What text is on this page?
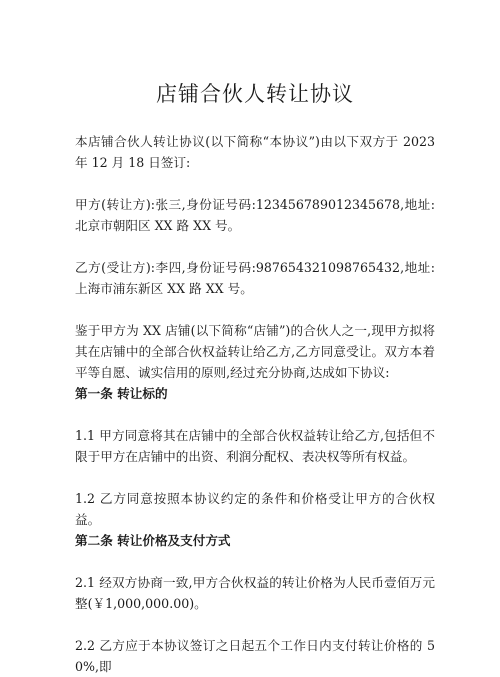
店铺合伙人转让协议

本店铺合伙人转让协议(以下简称“本协议”)由以下双方于 2023 年 12 月 18 日签订:

甲方(转让方):张三,身份证号码:123456789012345678,地址:北京市朝阳区 XX 路 XX 号。

乙方(受让方):李四,身份证号码:987654321098765432,地址:上海市浦东新区 XX 路 XX 号。

鉴于甲方为 XX 店铺(以下简称“店铺”)的合伙人之一,现甲方拟将其在店铺中的全部合伙权益转让给乙方,乙方同意受让。双方本着平等自愿、诚实信用的原则,经过充分协商,达成如下协议:

第一条 转让标的

1.1 甲方同意将其在店铺中的全部合伙权益转让给乙方,包括但不限于甲方在店铺中的出资、利润分配权、表决权等所有权益。

1.2 乙方同意按照本协议约定的条件和价格受让甲方的合伙权益。

第二条 转让价格及支付方式

2.1 经双方协商一致,甲方合伙权益的转让价格为人民币壹佰万元整(￥1,000,000.00)。

2.2 乙方应于本协议签订之日起五个工作日内支付转让价格的 50%,即
